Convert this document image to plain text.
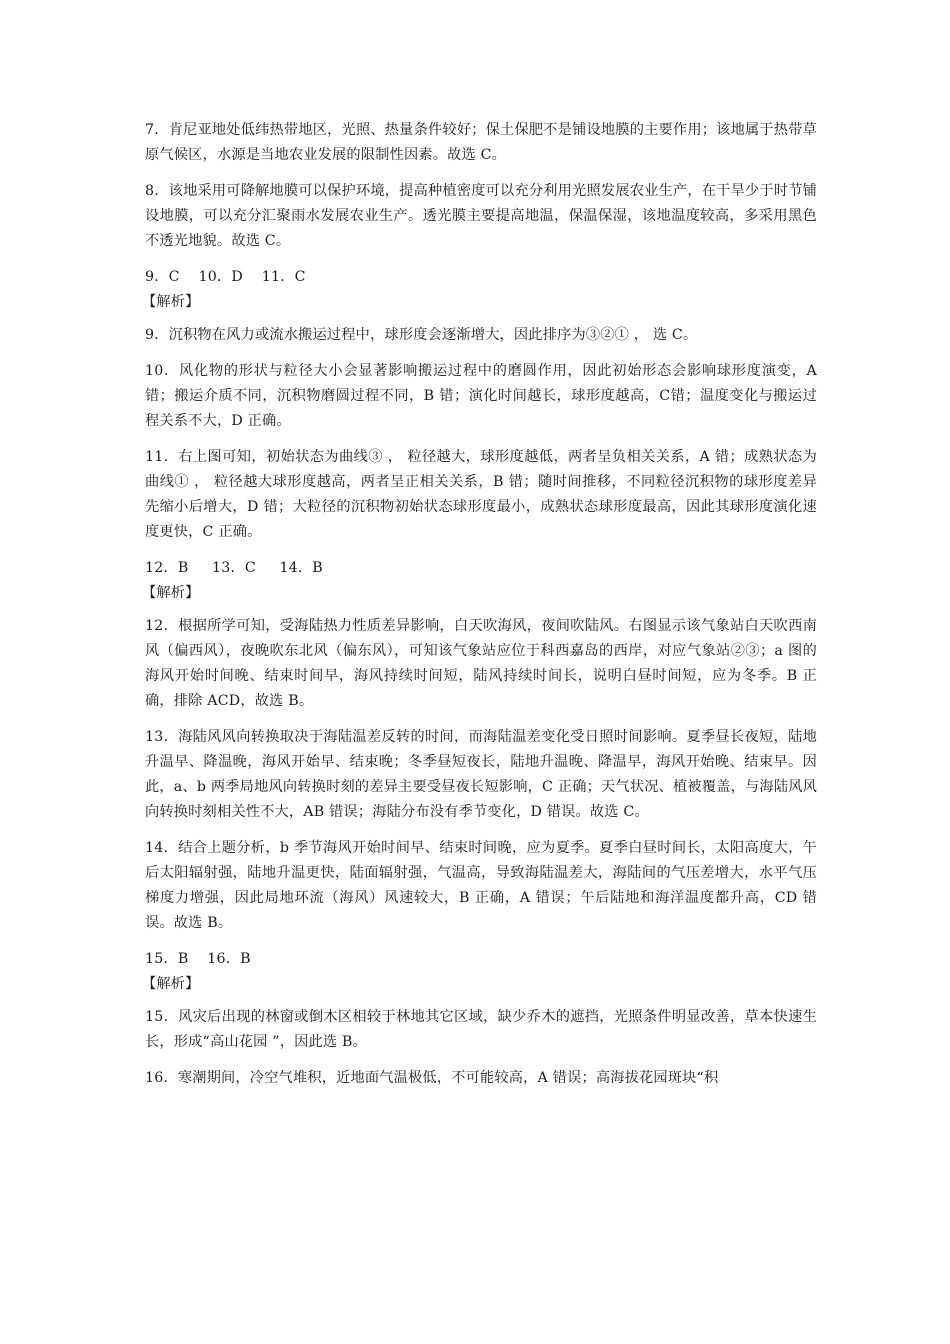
7．肯尼亚地处低纬热带地区，光照、热量条件较好；保土保肥不是铺设地膜的主要作用；该地属于热带草原气候区，水源是当地农业发展的限制性因素。故选 C。

8．该地采用可降解地膜可以保护环境，提高种植密度可以充分利用光照发展农业生产，在干旱少于时节铺设地膜，可以充分汇聚雨水发展农业生产。透光膜主要提高地温，保温保湿，该地温度较高，多采用黑色不透光地貌。故选 C。

9．C    10．D    11．C
【解析】

9．沉积物在风力或流水搬运过程中，球形度会逐渐增大，因此排序为③②① ， 选 C。

10．风化物的形状与粒径大小会显著影响搬运过程中的磨圆作用，因此初始形态会影响球形度演变，A 错；搬运介质不同，沉积物磨圆过程不同，B 错；演化时间越长，球形度越高，C错；温度变化与搬运过程关系不大，D 正确。

11．右上图可知，初始状态为曲线③ ， 粒径越大，球形度越低，两者呈负相关关系，A 错；成熟状态为曲线① ， 粒径越大球形度越高，两者呈正相关关系，B 错；随时间推移，不同粒径沉积物的球形度差异先缩小后增大，D 错；大粒径的沉积物初始状态球形度最小，成熟状态球形度最高，因此其球形度演化速度更快，C 正确。

12．B     13．C     14．B
【解析】

12．根据所学可知，受海陆热力性质差异影响，白天吹海风，夜间吹陆风。右图显示该气象站白天吹西南风（偏西风），夜晚吹东北风（偏东风），可知该气象站应位于科西嘉岛的西岸，对应气象站②③；a 图的海风开始时间晚、结束时间早，海风持续时间短，陆风持续时间长，说明白昼时间短，应为冬季。B 正确，排除 ACD，故选 B。

13．海陆风风向转换取决于海陆温差反转的时间，而海陆温差变化受日照时间影响。夏季昼长夜短，陆地升温早、降温晚，海风开始早、结束晚；冬季昼短夜长，陆地升温晚、降温早，海风开始晚、结束早。因此，a、b 两季局地风向转换时刻的差异主要受昼夜长短影响，C 正确；天气状况、植被覆盖，与海陆风风向转换时刻相关性不大，AB 错误；海陆分布没有季节变化，D 错误。故选 C。

14．结合上题分析，b 季节海风开始时间早、结束时间晚，应为夏季。夏季白昼时间长，太阳高度大，午后太阳辐射强，陆地升温更快，陆面辐射强，气温高，导致海陆温差大，海陆间的气压差增大，水平气压梯度力增强，因此局地环流（海风）风速较大，B 正确，A 错误；午后陆地和海洋温度都升高，CD 错误。故选 B。

15．B    16．B
【解析】

15．风灾后出现的林窗或倒木区相较于林地其它区域，缺少乔木的遮挡，光照条件明显改善，草本快速生长，形成“高山花园 ”，因此选 B。

16．寒潮期间，冷空气堆积，近地面气温极低，不可能较高，A 错误；高海拔花园斑块“积
